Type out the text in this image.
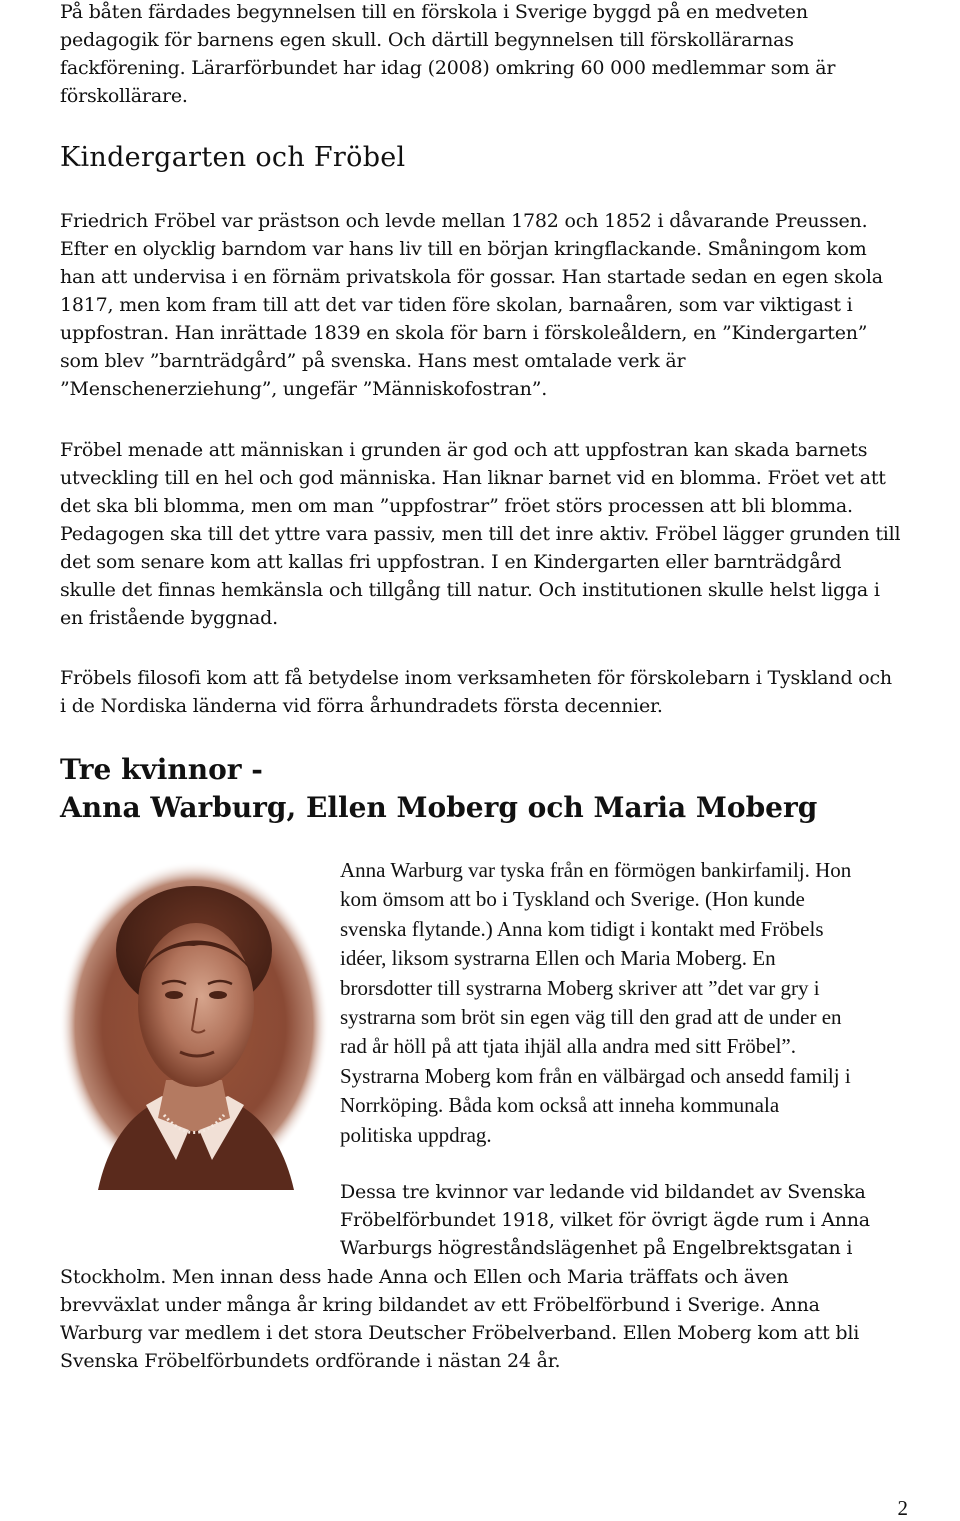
På båten färdades begynnelsen till en förskola i Sverige byggd på en medveten pedagogik för barnens egen skull. Och därtill begynnelsen till förskollärarnas fackförening. Lärarförbundet har idag (2008) omkring 60 000 medlemmar som är förskollärare.

Kindergarten och Fröbel

Friedrich Fröbel var prästson och levde mellan 1782 och 1852 i dåvarande Preussen. Efter en olycklig barndom var hans liv till en början kringflackande. Småningom kom han att undervisa i en förnäm privatskola för gossar. Han startade sedan en egen skola 1817, men kom fram till att det var tiden före skolan, barnaåren, som var viktigast i uppfostran. Han inrättade 1839 en skola för barn i förskoleåldern, en ”Kindergarten” som blev ”barnträdgård” på svenska. Hans mest omtalade verk är ”Menschenerziehung”, ungefär ”Människofostran”.

Fröbel menade att människan i grunden är god och att uppfostran kan skada barnets utveckling till en hel och god människa. Han liknar barnet vid en blomma. Fröet vet att det ska bli blomma, men om man ”uppfostrar” fröet störs processen att bli blomma. Pedagogen ska till det yttre vara passiv, men till det inre aktiv. Fröbel lägger grunden till det som senare kom att kallas fri uppfostran. I en Kindergarten eller barnträdgård skulle det finnas hemkänsla och tillgång till natur. Och institutionen skulle helst ligga i en fristående byggnad.

Fröbels filosofi kom att få betydelse inom verksamheten för förskolebarn i Tyskland och i de Nordiska länderna vid förra århundradets första decennier.

Tre kvinnor -
Anna Warburg, Ellen Moberg och Maria Moberg
Anna Warburg var tyska från en förmögen bankirfamilj. Hon
kom ömsom att bo i Tyskland och Sverige. (Hon kunde
svenska flytande.) Anna kom tidigt i kontakt med Fröbels
idéer, liksom systrarna Ellen och Maria Moberg. En
brorsdotter till systrarna Moberg skriver att ”det var gry i
systrarna som bröt sin egen väg till den grad att de under en
rad år höll på att tjata ihjäl alla andra med sitt Fröbel”.
Systrarna Moberg kom från en välbärgad och ansedd familj i
Norrköping. Båda kom också att inneha kommunala
politiska uppdrag.
Dessa tre kvinnor var ledande vid bildandet av Svenska
Fröbelförbundet 1918, vilket för övrigt ägde rum i Anna
Warburgs högreståndslägenhet på Engelbrektsgatan i
Stockholm. Men innan dess hade Anna och Ellen och Maria träffats och även
brevväxlat under många år kring bildandet av ett Fröbelförbund i Sverige. Anna
Warburg var medlem i det stora Deutscher Fröbelverband. Ellen Moberg kom att bli
Svenska Fröbelförbundets ordförande i nästan 24 år.
2
